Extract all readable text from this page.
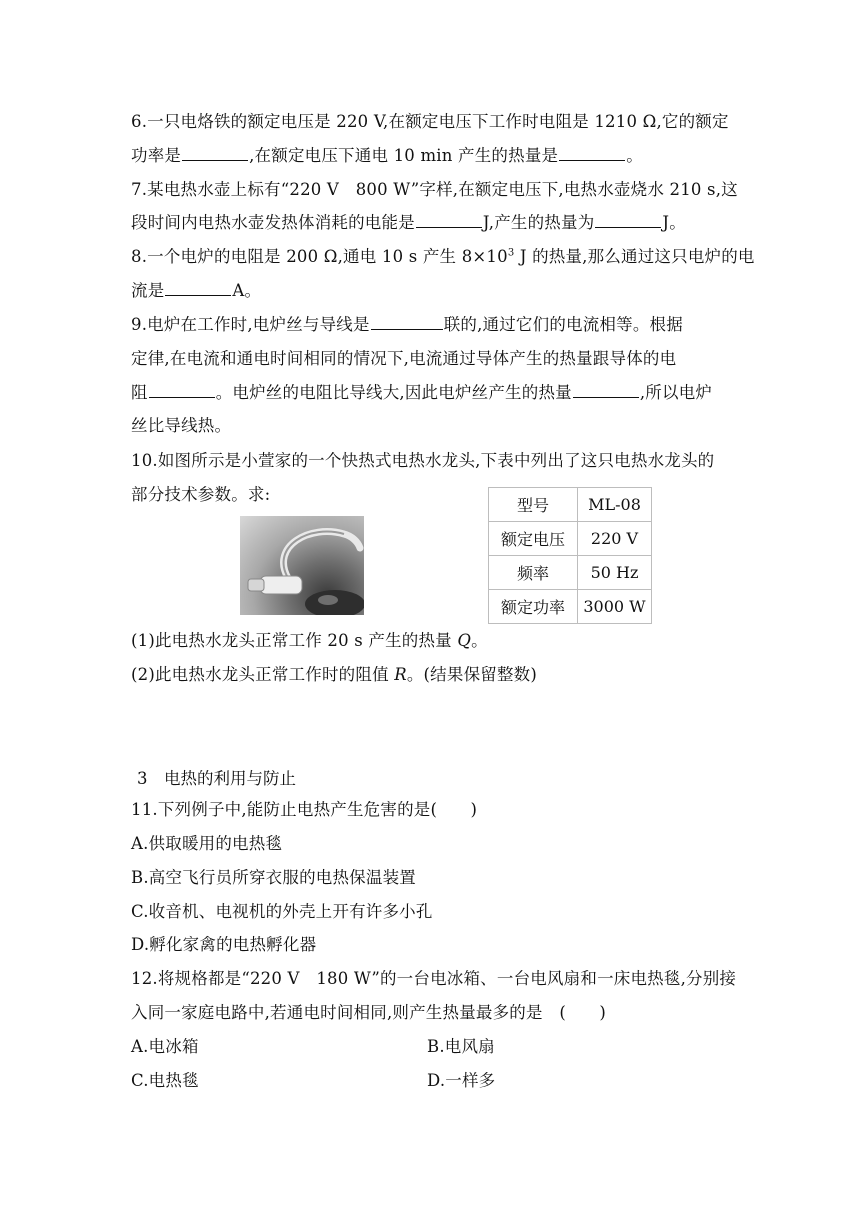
6.一只电烙铁的额定电压是 220 V,在额定电压下工作时电阻是 1210 Ω,它的额定
功率是	,在额定电压下通电 10 min 产生的热量是	。
7.某电热水壶上标有“220 V　800 W”字样,在额定电压下,电热水壶烧水 210 s,这
段时间内电热水壶发热体消耗的电能是	J,产生的热量为	J。
8.一个电炉的电阻是 200 Ω,通电 10 s 产生 $8\times 10^3$ J 的热量,那么通过这只电炉的电
流是	A。
9.电炉在工作时,电炉丝与导线是	联的,通过它们的电流相等。根据
定律,在电流和通电时间相同的情况下,电流通过导体产生的热量跟导体的电
阻	。电炉丝的电阻比导线大,因此电炉丝产生的热量	,所以电炉
丝比导线热。
10.如图所示是小萱家的一个快热式电热水龙头,下表中列出了这只电热水龙头的
部分技术参数。求:
型号	ML-08
额定电压	220 V
频率	50 Hz
额定功率	3000 W
(1)此电热水龙头正常工作 20 s 产生的热量 Q。
(2)此电热水龙头正常工作时的阻值 R。(结果保留整数)
3　电热的利用与防止
11.下列例子中,能防止电热产生危害的是(　　)
A.供取暖用的电热毯
B.高空飞行员所穿衣服的电热保温装置
C.收音机、电视机的外壳上开有许多小孔
D.孵化家禽的电热孵化器
12.将规格都是“220 V　180 W”的一台电冰箱、一台电风扇和一床电热毯,分别接
入同一家庭电路中,若通电时间相同,则产生热量最多的是　(　　)
A.电冰箱	B.电风扇
C.电热毯	D.一样多
